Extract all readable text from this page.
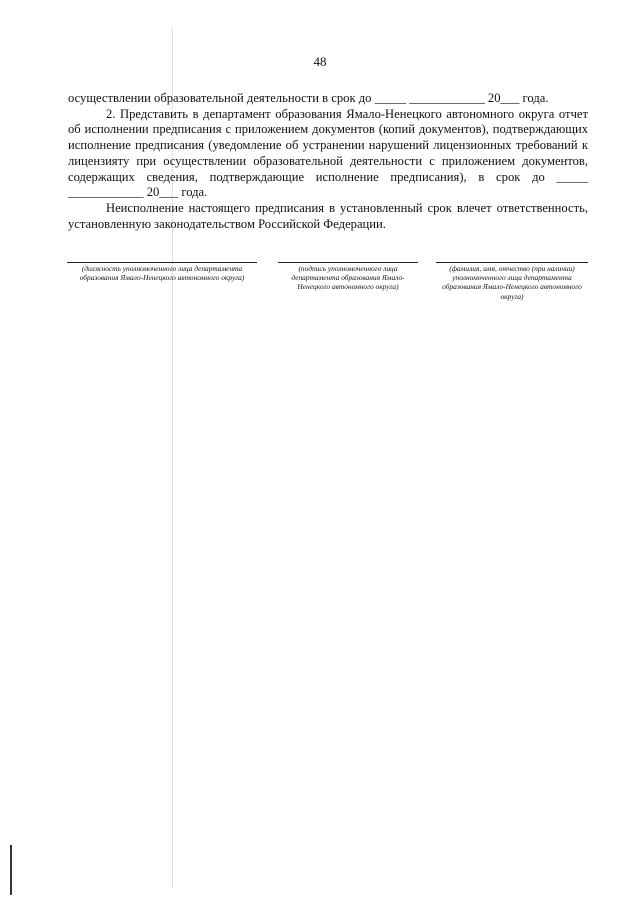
48

осуществлении образовательной деятельности в срок до _____ ____________ 20___ года.

2. Представить в департамент образования Ямало-Ненецкого автономного округа отчет об исполнении предписания с приложением документов (копий документов), подтверждающих исполнение предписания (уведомление об устранении нарушений лицензионных требований к лицензияту при осуществлении образовательной деятельности с приложением документов, содержащих сведения, подтверждающие исполнение предписания), в срок до _____ ____________ 20___ года.

Неисполнение настоящего предписания в установленный срок влечет ответственность, установленную законодательством Российской Федерации.

(должность уполномоченного лица департамента образования Ямало-Ненецкого автономного округа)
(подпись уполномоченного лица департамента образования Ямало-Ненецкого автономного округа)
(фамилия, имя, отчество (при наличии) уполномоченного лица департамента образования Ямало-Ненецкого автономного округа)
